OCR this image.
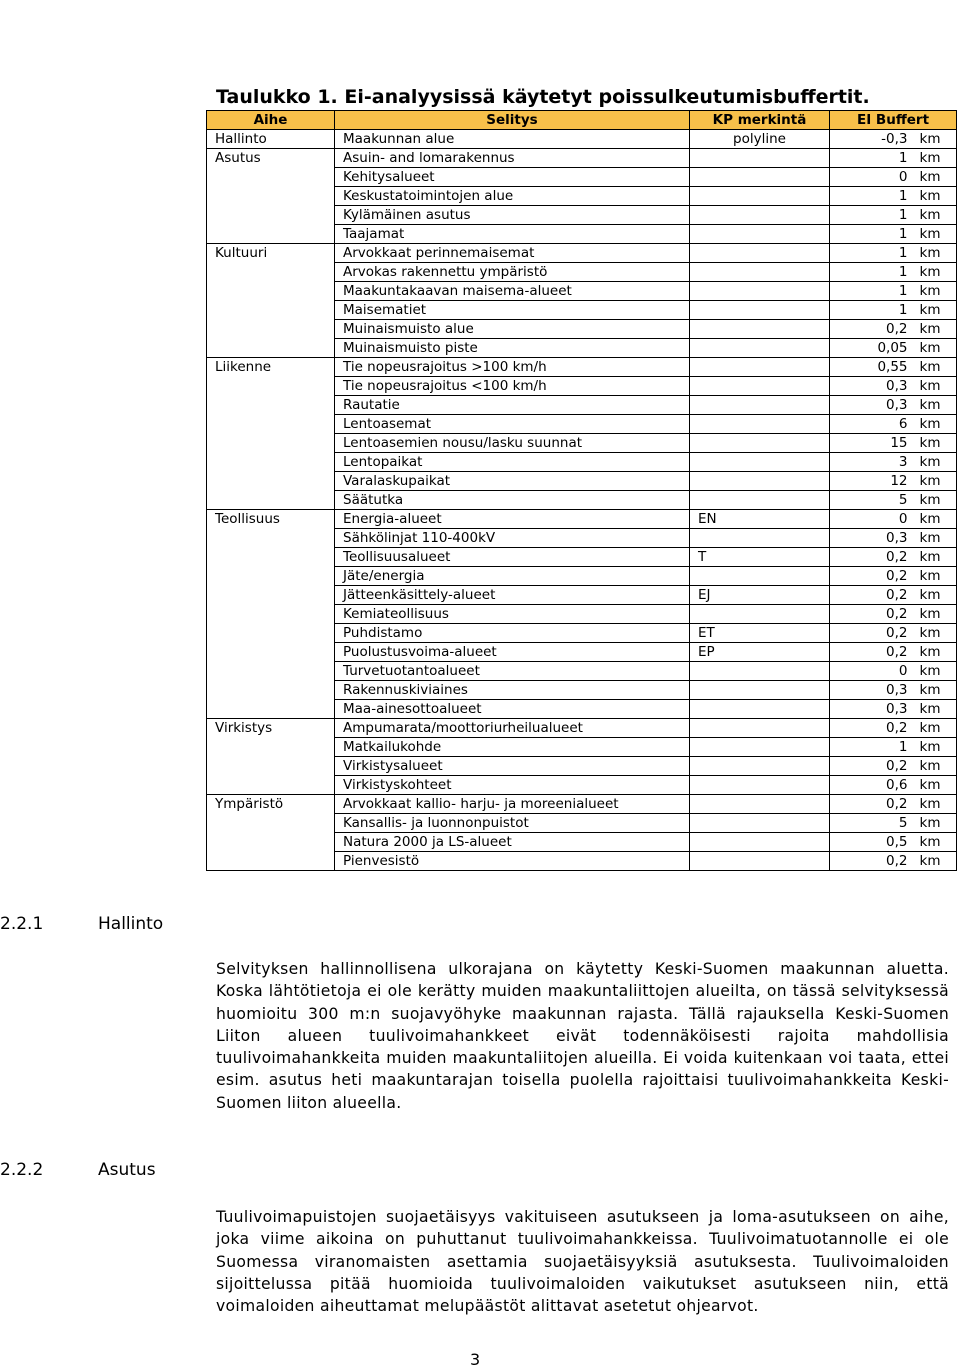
Taulukko 1. Ei-analyysissä käytetyt poissulkeutumisbuffertit.
Aihe	Selitys	KP merkintä	EI Buffert	
Hallinto	Maakunnan alue	polyline	-0,3	km
Asutus	Asuin- and lomarakennus		1	km
	Kehitysalueet		0	km
	Keskustatoimintojen alue		1	km
	Kylämäinen asutus		1	km
	Taajamat		1	km
Kultuuri	Arvokkaat perinnemaisemat		1	km
	Arvokas rakennettu ympäristö		1	km
	Maakuntakaavan maisema-alueet		1	km
	Maisematiet		1	km
	Muinaismuisto alue		0,2	km
	Muinaismuisto piste		0,05	km
Liikenne	Tie nopeusrajoitus >100 km/h		0,55	km
	Tie nopeusrajoitus <100 km/h		0,3	km
	Rautatie		0,3	km
	Lentoasemat		6	km
	Lentoasemien nousu/lasku suunnat		15	km
	Lentopaikat		3	km
	Varalaskupaikat		12	km
	Säätutka		5	km
Teollisuus	Energia-alueet	EN	0	km
	Sähkölinjat 110-400kV		0,3	km
	Teollisuusalueet	T	0,2	km
	Jäte/energia		0,2	km
	Jätteenkäsittely-alueet	EJ	0,2	km
	Kemiateollisuus		0,2	km
	Puhdistamo	ET	0,2	km
	Puolustusvoima-alueet	EP	0,2	km
	Turvetuotantoalueet		0	km
	Rakennuskiviaines		0,3	km
	Maa-ainesottoalueet		0,3	km
Virkistys	Ampumarata/moottoriurheilualueet		0,2	km
	Matkailukohde		1	km
	Virkistysalueet		0,2	km
	Virkistyskohteet		0,6	km
Ympäristö	Arvokkaat kallio- harju- ja moreenialueet		0,2	km
	Kansallis- ja luonnonpuistot		5	km
	Natura 2000 ja LS-alueet		0,5	km
	Pienvesistö		0,2	km
2.2.1	Hallinto
Selvityksen hallinnollisena ulkorajana on käytetty Keski-Suomen maakunnan aluetta. Koska lähtötietoja ei ole kerätty muiden maakuntaliittojen alueilta, on tässä selvityksessä huomioitu 300 m:n suojavyöhyke maakunnan rajasta. Tällä rajauksella Keski-Suomen Liiton alueen tuulivoimahankkeet eivät todennäköisesti rajoita mahdollisia tuulivoimahankkeita muiden maakuntaliitojen alueilla. Ei voida kuitenkaan voi taata, ettei esim. asutus heti maakuntarajan toisella puolella rajoittaisi tuulivoimahankkeita Keski-Suomen liiton alueella.
2.2.2	Asutus
Tuulivoimapuistojen suojaetäisyys vakituiseen asutukseen ja loma-asutukseen on aihe, joka viime aikoina on puhuttanut tuulivoimahankkeissa. Tuulivoimatuotannolle ei ole Suomessa viranomaisten asettamia suojaetäisyyksiä asutuksesta. Tuulivoimaloiden sijoittelussa pitää huomioida tuulivoimaloiden vaikutukset asutukseen niin, että voimaloiden aiheuttamat melupäästöt alittavat asetetut ohjearvot.
3
